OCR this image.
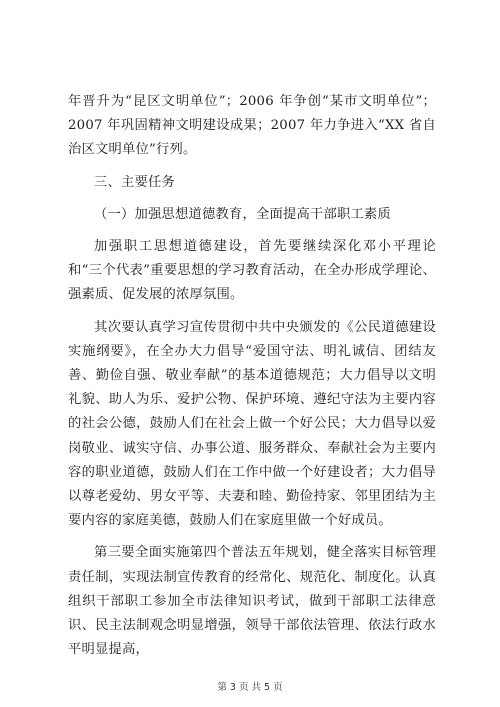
年晋升为“昆区文明单位”；2006 年争创“某市文明单位”；2007 年巩固精神文明建设成果；2007 年力争进入“XX 省自治区文明单位”行列。

三、主要任务

（一）加强思想道德教育，全面提高干部职工素质

加强职工思想道德建设，首先要继续深化邓小平理论和“三个代表”重要思想的学习教育活动，在全办形成学理论、强素质、促发展的浓厚氛围。

其次要认真学习宣传贯彻中共中央颁发的《公民道德建设实施纲要》，在全办大力倡导“爱国守法、明礼诚信、团结友善、勤俭自强、敬业奉献”的基本道德规范；大力倡导以文明礼貌、助人为乐、爱护公物、保护环境、遵纪守法为主要内容的社会公德，鼓励人们在社会上做一个好公民；大力倡导以爱岗敬业、诚实守信、办事公道、服务群众、奉献社会为主要内容的职业道德，鼓励人们在工作中做一个好建设者；大力倡导以尊老爱幼、男女平等、夫妻和睦、勤俭持家、邻里团结为主要内容的家庭美德，鼓励人们在家庭里做一个好成员。

第三要全面实施第四个普法五年规划，健全落实目标管理责任制，实现法制宣传教育的经常化、规范化、制度化。认真组织干部职工参加全市法律知识考试，做到干部职工法律意识、民主法制观念明显增强，领导干部依法管理、依法行政水平明显提高，

第 3 页 共 5 页
